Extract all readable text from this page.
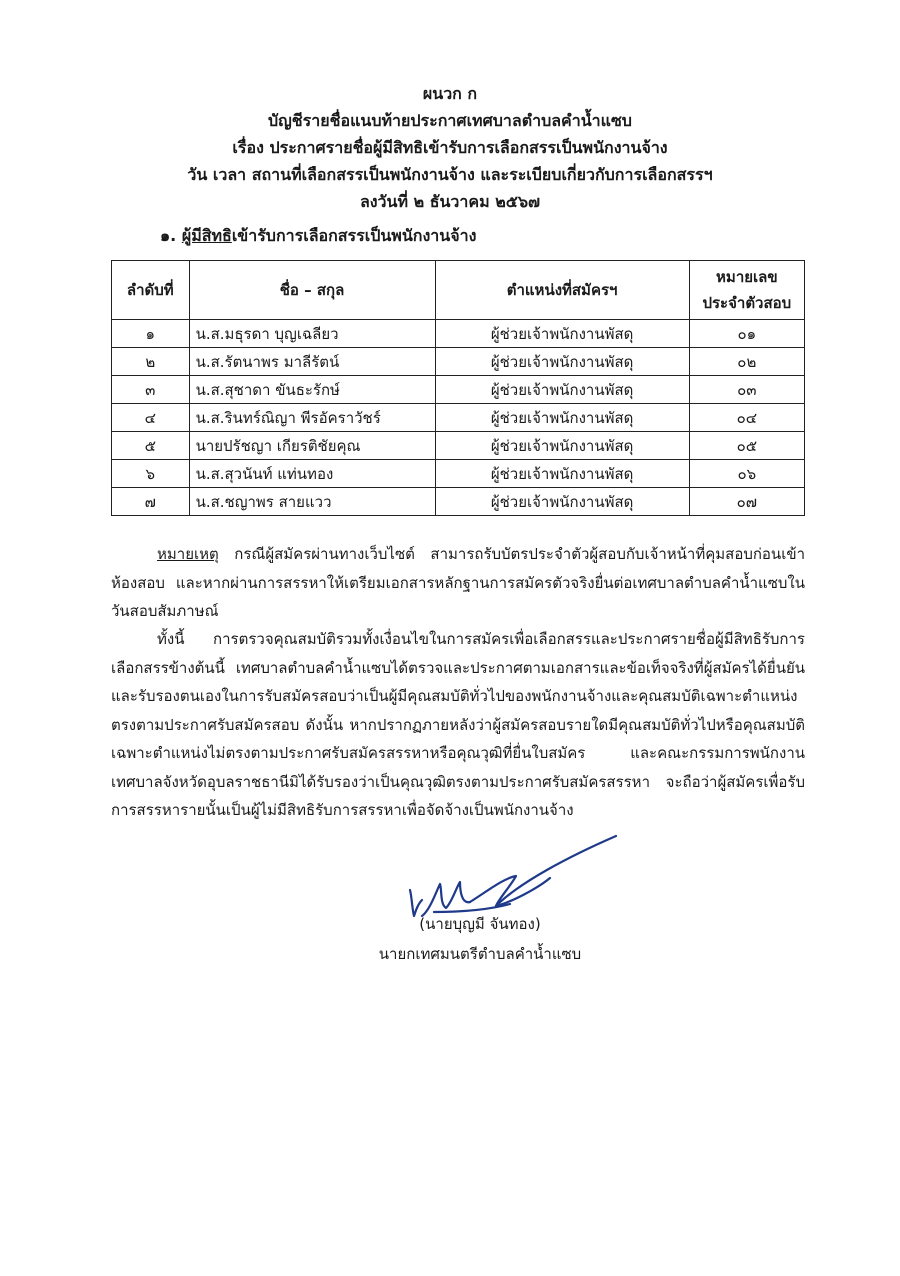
ผนวก ก
บัญชีรายชื่อแนบท้ายประกาศเทศบาลตำบลคำน้ำแซบ
เรื่อง ประกาศรายชื่อผู้มีสิทธิเข้ารับการเลือกสรรเป็นพนักงานจ้าง
วัน เวลา สถานที่เลือกสรรเป็นพนักงานจ้าง และระเบียบเกี่ยวกับการเลือกสรรฯ
ลงวันที่ ๒ ธันวาคม ๒๕๖๗
๑. ผู้มีสิทธิเข้ารับการเลือกสรรเป็นพนักงานจ้าง
ลำดับที่	ชื่อ – สกุล	ตำแหน่งที่สมัครฯ	หมายเลข
ประจำตัวสอบ
๑	น.ส.มธุรดา บุญเฉลียว	ผู้ช่วยเจ้าพนักงานพัสดุ	๐๑
๒	น.ส.รัตนาพร มาลีรัตน์	ผู้ช่วยเจ้าพนักงานพัสดุ	๐๒
๓	น.ส.สุชาดา ขันธะรักษ์	ผู้ช่วยเจ้าพนักงานพัสดุ	๐๓
๔	น.ส.รินทร์ณิญา พีรอัคราวัชร์	ผู้ช่วยเจ้าพนักงานพัสดุ	๐๔
๕	นายปรัชญา เกียรติชัยคุณ	ผู้ช่วยเจ้าพนักงานพัสดุ	๐๕
๖	น.ส.สุวนันท์ แท่นทอง	ผู้ช่วยเจ้าพนักงานพัสดุ	๐๖
๗	น.ส.ชญาพร สายแวว	ผู้ช่วยเจ้าพนักงานพัสดุ	๐๗
หมายเหตุ กรณีผู้สมัครผ่านทางเว็บไซต์ สามารถรับบัตรประจำตัวผู้สอบกับเจ้าหน้าที่คุมสอบก่อนเข้าห้องสอบ และหากผ่านการสรรหาให้เตรียมเอกสารหลักฐานการสมัครตัวจริงยื่นต่อเทศบาลตำบลคำน้ำแซบในวันสอบสัมภาษณ์
ทั้งนี้ การตรวจคุณสมบัติรวมทั้งเงื่อนไขในการสมัครเพื่อเลือกสรรและประกาศรายชื่อผู้มีสิทธิรับการเลือกสรรข้างต้นนี้ เทศบาลตำบลคำน้ำแซบได้ตรวจและประกาศตามเอกสารและข้อเท็จจริงที่ผู้สมัครได้ยื่นยันและรับรองตนเองในการรับสมัครสอบว่าเป็นผู้มีคุณสมบัติทั่วไปของพนักงานจ้างและคุณสมบัติเฉพาะตำแหน่งตรงตามประกาศรับสมัครสอบ ดังนั้น หากปรากฏภายหลังว่าผู้สมัครสอบรายใดมีคุณสมบัติทั่วไปหรือคุณสมบัติเฉพาะตำแหน่งไม่ตรงตามประกาศรับสมัครสรรหาหรือคุณวุฒิที่ยื่นใบสมัคร และคณะกรรมการพนักงานเทศบาลจังหวัดอุบลราชธานีมิได้รับรองว่าเป็นคุณวุฒิตรงตามประกาศรับสมัครสรรหา จะถือว่าผู้สมัครเพื่อรับการสรรหารายนั้นเป็นผู้ไม่มีสิทธิรับการสรรหาเพื่อจัดจ้างเป็นพนักงานจ้าง
(นายบุญมี จันทอง)
นายกเทศมนตรีตำบลคำน้ำแซบ
